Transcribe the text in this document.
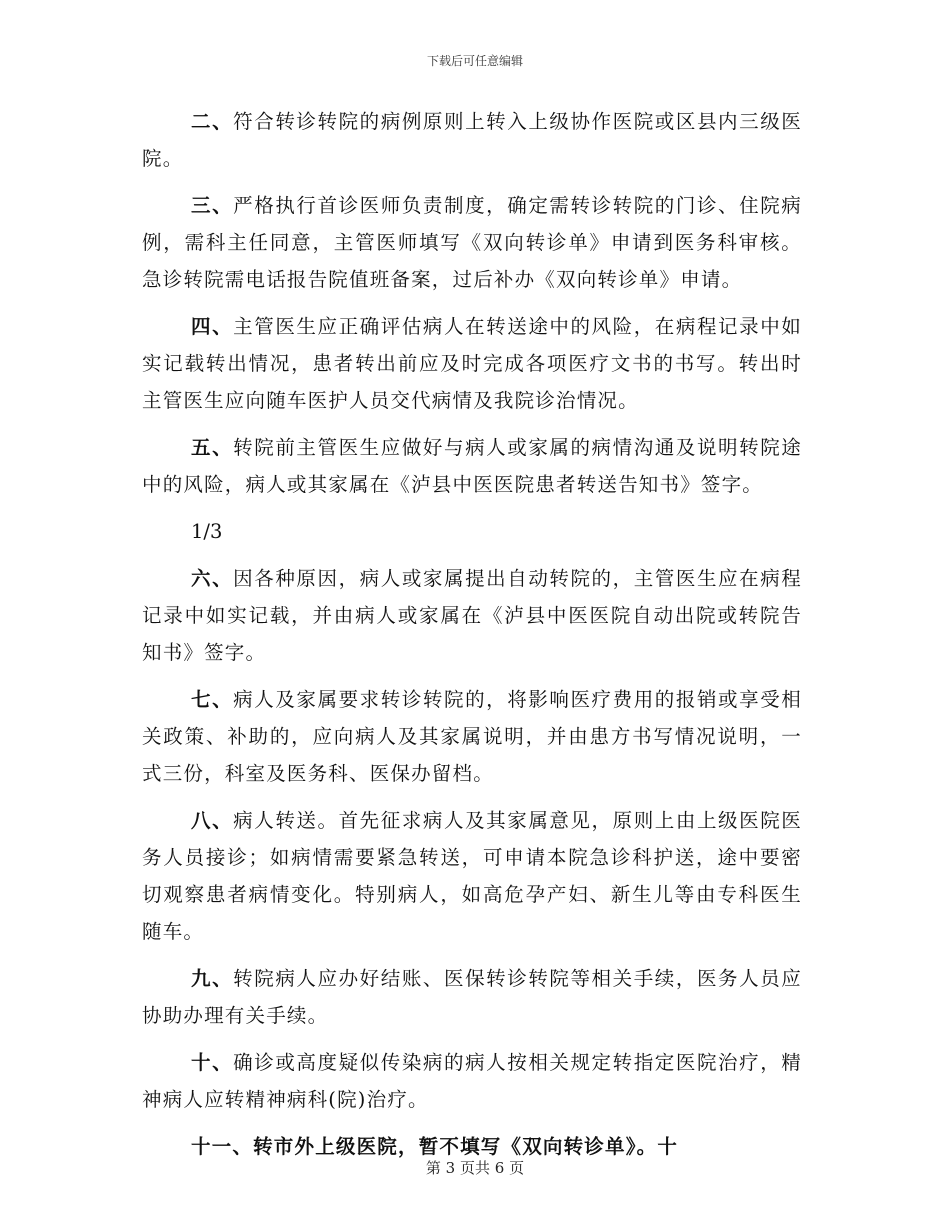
下载后可任意编辑

二、符合转诊转院的病例原则上转入上级协作医院或区县内三级医院。

三、严格执行首诊医师负责制度，确定需转诊转院的门诊、住院病例，需科主任同意，主管医师填写《双向转诊单》申请到医务科审核。急诊转院需电话报告院值班备案，过后补办《双向转诊单》申请。

四、主管医生应正确评估病人在转送途中的风险，在病程记录中如实记载转出情况，患者转出前应及时完成各项医疗文书的书写。转出时主管医生应向随车医护人员交代病情及我院诊治情况。

五、转院前主管医生应做好与病人或家属的病情沟通及说明转院途中的风险，病人或其家属在《泸县中医医院患者转送告知书》签字。

1/3

六、因各种原因，病人或家属提出自动转院的，主管医生应在病程记录中如实记载，并由病人或家属在《泸县中医医院自动出院或转院告知书》签字。

七、病人及家属要求转诊转院的，将影响医疗费用的报销或享受相关政策、补助的，应向病人及其家属说明，并由患方书写情况说明，一式三份，科室及医务科、医保办留档。

八、病人转送。首先征求病人及其家属意见，原则上由上级医院医务人员接诊；如病情需要紧急转送，可申请本院急诊科护送，途中要密切观察患者病情变化。特别病人，如高危孕产妇、新生儿等由专科医生随车。

九、转院病人应办好结账、医保转诊转院等相关手续，医务人员应协助办理有关手续。

十、确诊或高度疑似传染病的病人按相关规定转指定医院治疗，精神病人应转精神病科(院)治疗。

十一、转市外上级医院，暂不填写《双向转诊单》。十

第 3 页共 6 页
